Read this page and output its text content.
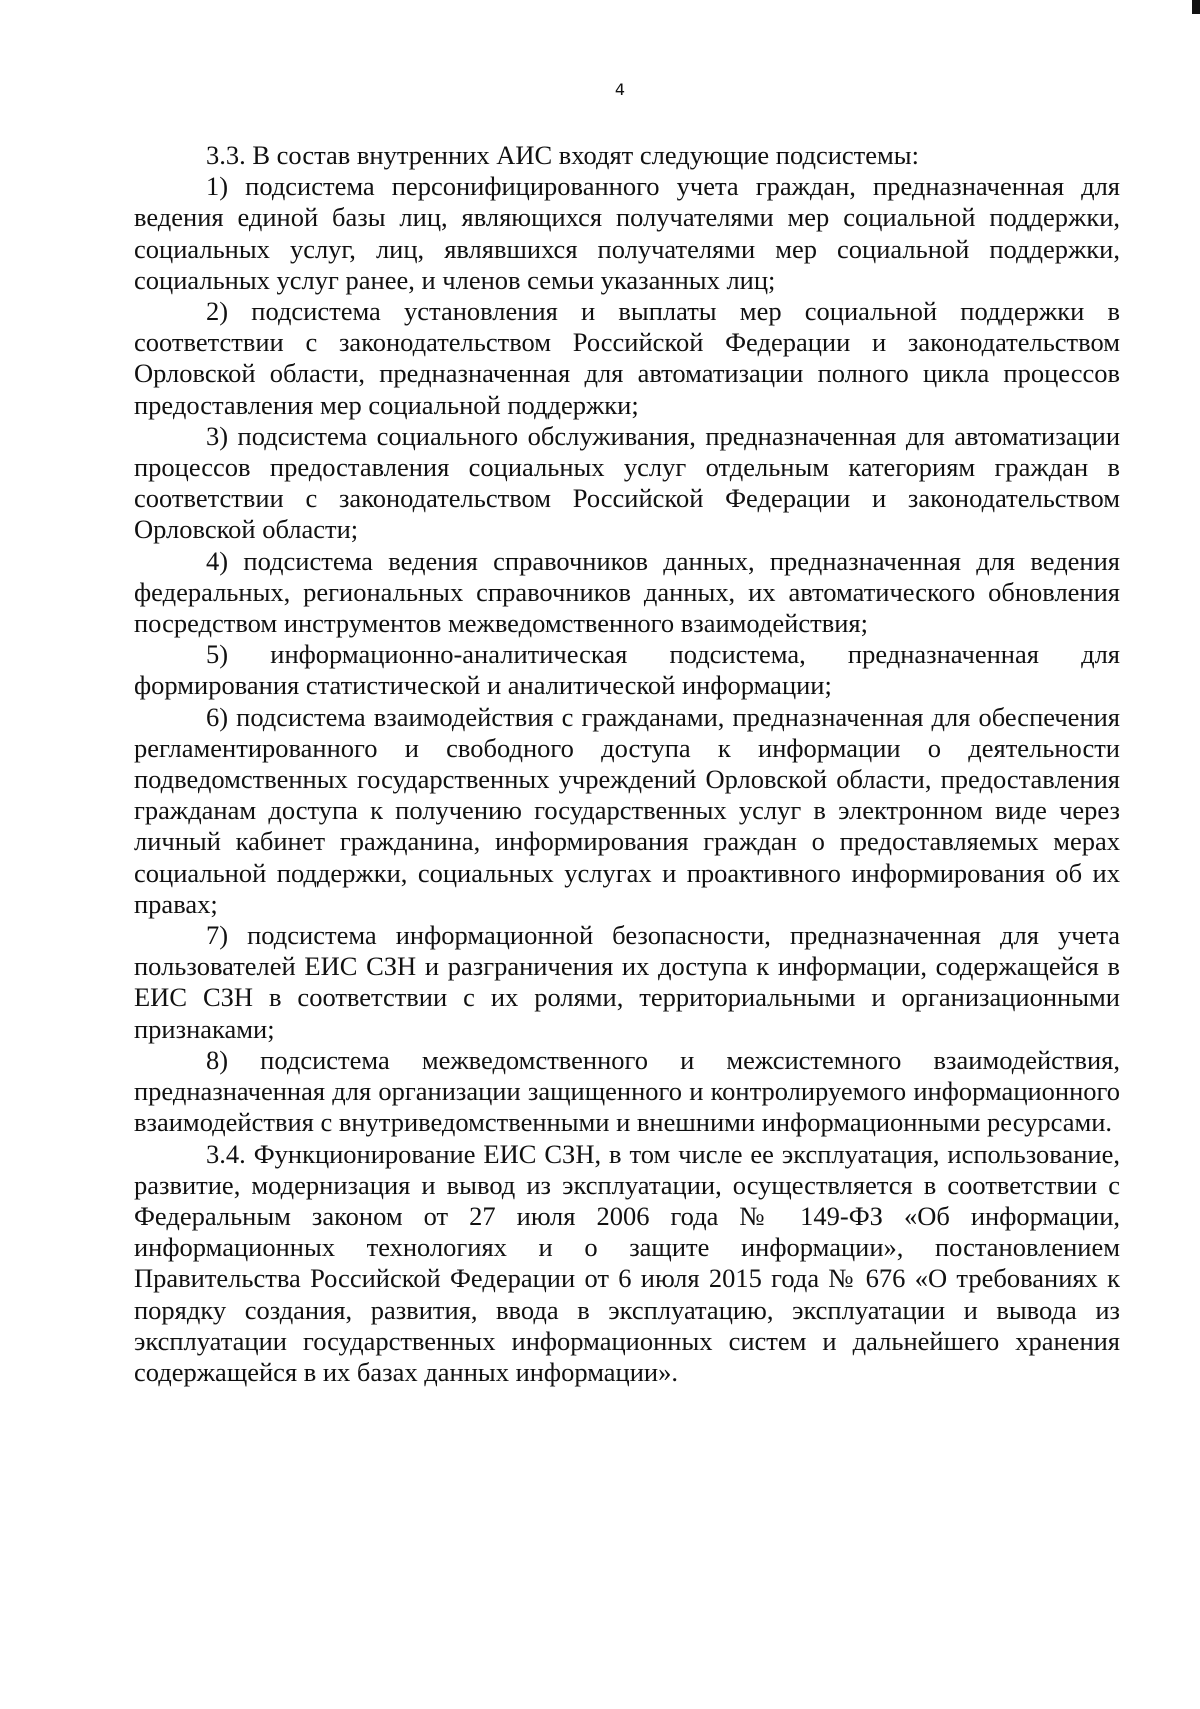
4

3.3. В состав внутренних АИС входят следующие подсистемы:

1) подсистема персонифицированного учета граждан, предназначенная для ведения единой базы лиц, являющихся получателями мер социальной поддержки, социальных услуг, лиц, являвшихся получателями мер социальной поддержки, социальных услуг ранее, и членов семьи указанных лиц;

2) подсистема установления и выплаты мер социальной поддержки в соответствии с законодательством Российской Федерации и законодательством Орловской области, предназначенная для автоматизации полного цикла процессов предоставления мер социальной поддержки;

3) подсистема социального обслуживания, предназначенная для автоматизации процессов предоставления социальных услуг отдельным категориям граждан в соответствии с законодательством Российской Федерации и законодательством Орловской области;

4) подсистема ведения справочников данных, предназначенная для ведения федеральных, региональных справочников данных, их автоматического обновления посредством инструментов межведомственного взаимодействия;

5) информационно-аналитическая подсистема, предназначенная для формирования статистической и аналитической информации;

6) подсистема взаимодействия с гражданами, предназначенная для обеспечения регламентированного и свободного доступа к информации о деятельности подведомственных государственных учреждений Орловской области, предоставления гражданам доступа к получению государственных услуг в электронном виде через личный кабинет гражданина, информирования граждан о предоставляемых мерах социальной поддержки, социальных услугах и проактивного информирования об их правах;

7) подсистема информационной безопасности, предназначенная для учета пользователей ЕИС СЗН и разграничения их доступа к информации, содержащейся в ЕИС СЗН в соответствии с их ролями, территориальными и организационными признаками;

8) подсистема межведомственного и межсистемного взаимодействия, предназначенная для организации защищенного и контролируемого информационного взаимодействия с внутриведомственными и внешними информационными ресурсами.

3.4. Функционирование ЕИС СЗН, в том числе ее эксплуатация, использование, развитие, модернизация и вывод из эксплуатации, осуществляется в соответствии с Федеральным законом от 27 июля 2006 года № 149-ФЗ «Об информации, информационных технологиях и о защите информации», постановлением Правительства Российской Федерации от 6 июля 2015 года № 676 «О требованиях к порядку создания, развития, ввода в эксплуатацию, эксплуатации и вывода из эксплуатации государственных информационных систем и дальнейшего хранения содержащейся в их базах данных информации».
